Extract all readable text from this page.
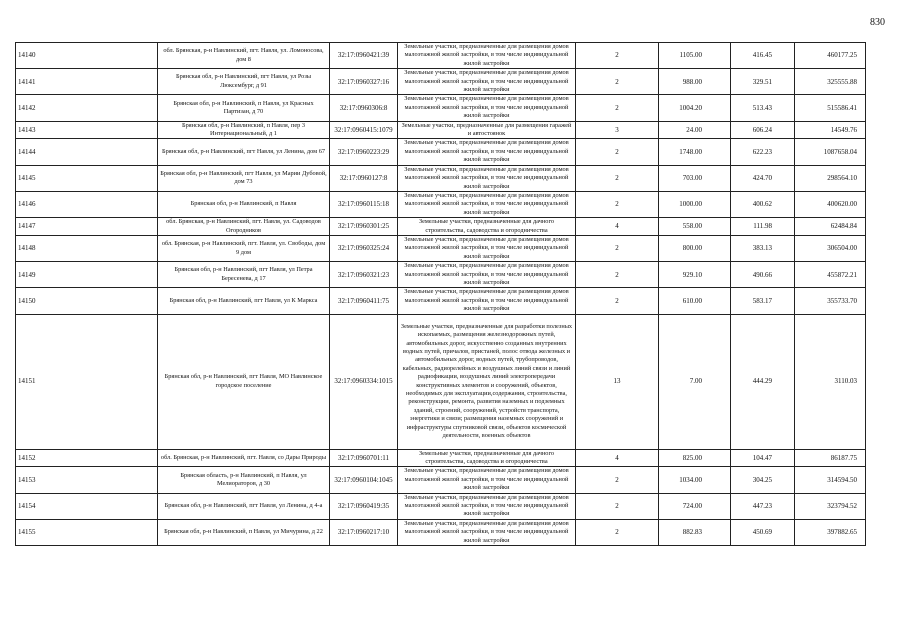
830
14140	обл. Брянская, р-н Навлинский, пгт. Навля, ул. Ломоносова, дом 8	32:17:0960421:39	Земельные участки, предназначенные для размещения домов малоэтажной жилой застройки, в том числе индивидуальной жилой застройки	2	1105.00	416.45	460177.25
14141	Брянская обл, р-н Навлинский, пгт Навля, ул Розы Люксембург, д 91	32:17:0960327:16	Земельные участки, предназначенные для размещения домов малоэтажной жилой застройки, в том числе индивидуальной жилой застройки	2	988.00	329.51	325555.88
14142	Брянская обл, р-н Навлинский, п Навля, ул Красных Партизан, д 70	32:17:0960306:8	Земельные участки, предназначенные для размещения домов малоэтажной жилой застройки, в том числе индивидуальной жилой застройки	2	1004.20	513.43	515586.41
14143	Брянская обл, р-н Навлинский, п Навля, пер 3 Интернациональный, д 1	32:17:0960415:1079	Земельные участки, предназначенные для размещения гаражей и автостоянок	3	24.00	606.24	14549.76
14144	Брянская обл, р-н Навлинский, пгт Навля, ул Ленина, дом 67	32:17:0960223:29	Земельные участки, предназначенные для размещения домов малоэтажной жилой застройки, в том числе индивидуальной жилой застройки	2	1748.00	622.23	1087658.04
14145	Брянская обл, р-н Навлинский, пгт Навля, ул Марии Дубовой, дом 73	32:17:0960127:8	Земельные участки, предназначенные для размещения домов малоэтажной жилой застройки, в том числе индивидуальной жилой застройки	2	703.00	424.70	298564.10
14146	Брянская обл, р-н Навлинский, п Навля	32:17:0960115:18	Земельные участки, предназначенные для размещения домов малоэтажной жилой застройки, в том числе индивидуальной жилой застройки	2	1000.00	400.62	400620.00
14147	обл. Брянская, р-н Навлинский, пгт. Навля, ул. Садоводов Огородников	32:17:0960301:25	Земельные участки, предназначенные для дачного строительства, садоводства и огородничества	4	558.00	111.98	62484.84
14148	обл. Брянская, р-н Навлинский, пгт. Навля, ул. Свободы, дом 9 дом	32:17:0960325:24	Земельные участки, предназначенные для размещения домов малоэтажной жилой застройки, в том числе индивидуальной жилой застройки	2	800.00	383.13	306504.00
14149	Брянская обл, р-н Навлинский, пгт Навля, ул Петра Бересенева, д 17	32:17:0960321:23	Земельные участки, предназначенные для размещения домов малоэтажной жилой застройки, в том числе индивидуальной жилой застройки	2	929.10	490.66	455872.21
14150	Брянская обл, р-н Навлинский, пгт Навля, ул К Маркса	32:17:0960411:75	Земельные участки, предназначенные для размещения домов малоэтажной жилой застройки, в том числе индивидуальной жилой застройки	2	610.00	583.17	355733.70
14151	Брянская обл, р-н Навлинский, пгт Навля, МО Навлинское городское поселение	32:17:0960334:1015	Земельные участки, предназначенные для разработки полезных ископаемых, размещения железнодорожных путей, автомобильных дорог, искусственно созданных внутренних водных путей, причалов, пристаней, полос отвода железных и автомобильных дорог, водных путей, трубопроводов, кабельных, радиорелейных и воздушных линий связи и линий радиофикации, воздушных линий электропередачи конструктивных элементов и сооружений, объектов, необходимых для эксплуатации,содержания, строительства, реконструкции, ремонта, развития наземных и подземных зданий, строений, сооружений, устройств транспорта, энергетики и связи; размещения наземных сооружений и инфраструктуры спутниковой связи, объектов космической деятельности, военных объектов	13	7.00	444.29	3110.03
14152	обл. Брянская, р-н Навлинский, пгт. Навля, со Дары Природы	32:17:0960701:11	Земельные участки, предназначенные для дачного строительства, садоводства и огородничества	4	825.00	104.47	86187.75
14153	Брянская область, р-н Навлинский, п Навля, ул Мелиораторов, д 30	32:17:0960104:1045	Земельные участки, предназначенные для размещения домов малоэтажной жилой застройки, в том числе индивидуальной жилой застройки	2	1034.00	304.25	314594.50
14154	Брянская обл, р-н Навлинский, пгт Навля, ул Ленина, д 4-а	32:17:0960419:35	Земельные участки, предназначенные для размещения домов малоэтажной жилой застройки, в том числе индивидуальной жилой застройки	2	724.00	447.23	323794.52
14155	Брянская обл, р-н Навлинский, п Навля, ул Мичурина, д 22	32:17:0960217:10	Земельные участки, предназначенные для размещения домов малоэтажной жилой застройки, в том числе индивидуальной жилой застройки	2	882.83	450.69	397882.65
